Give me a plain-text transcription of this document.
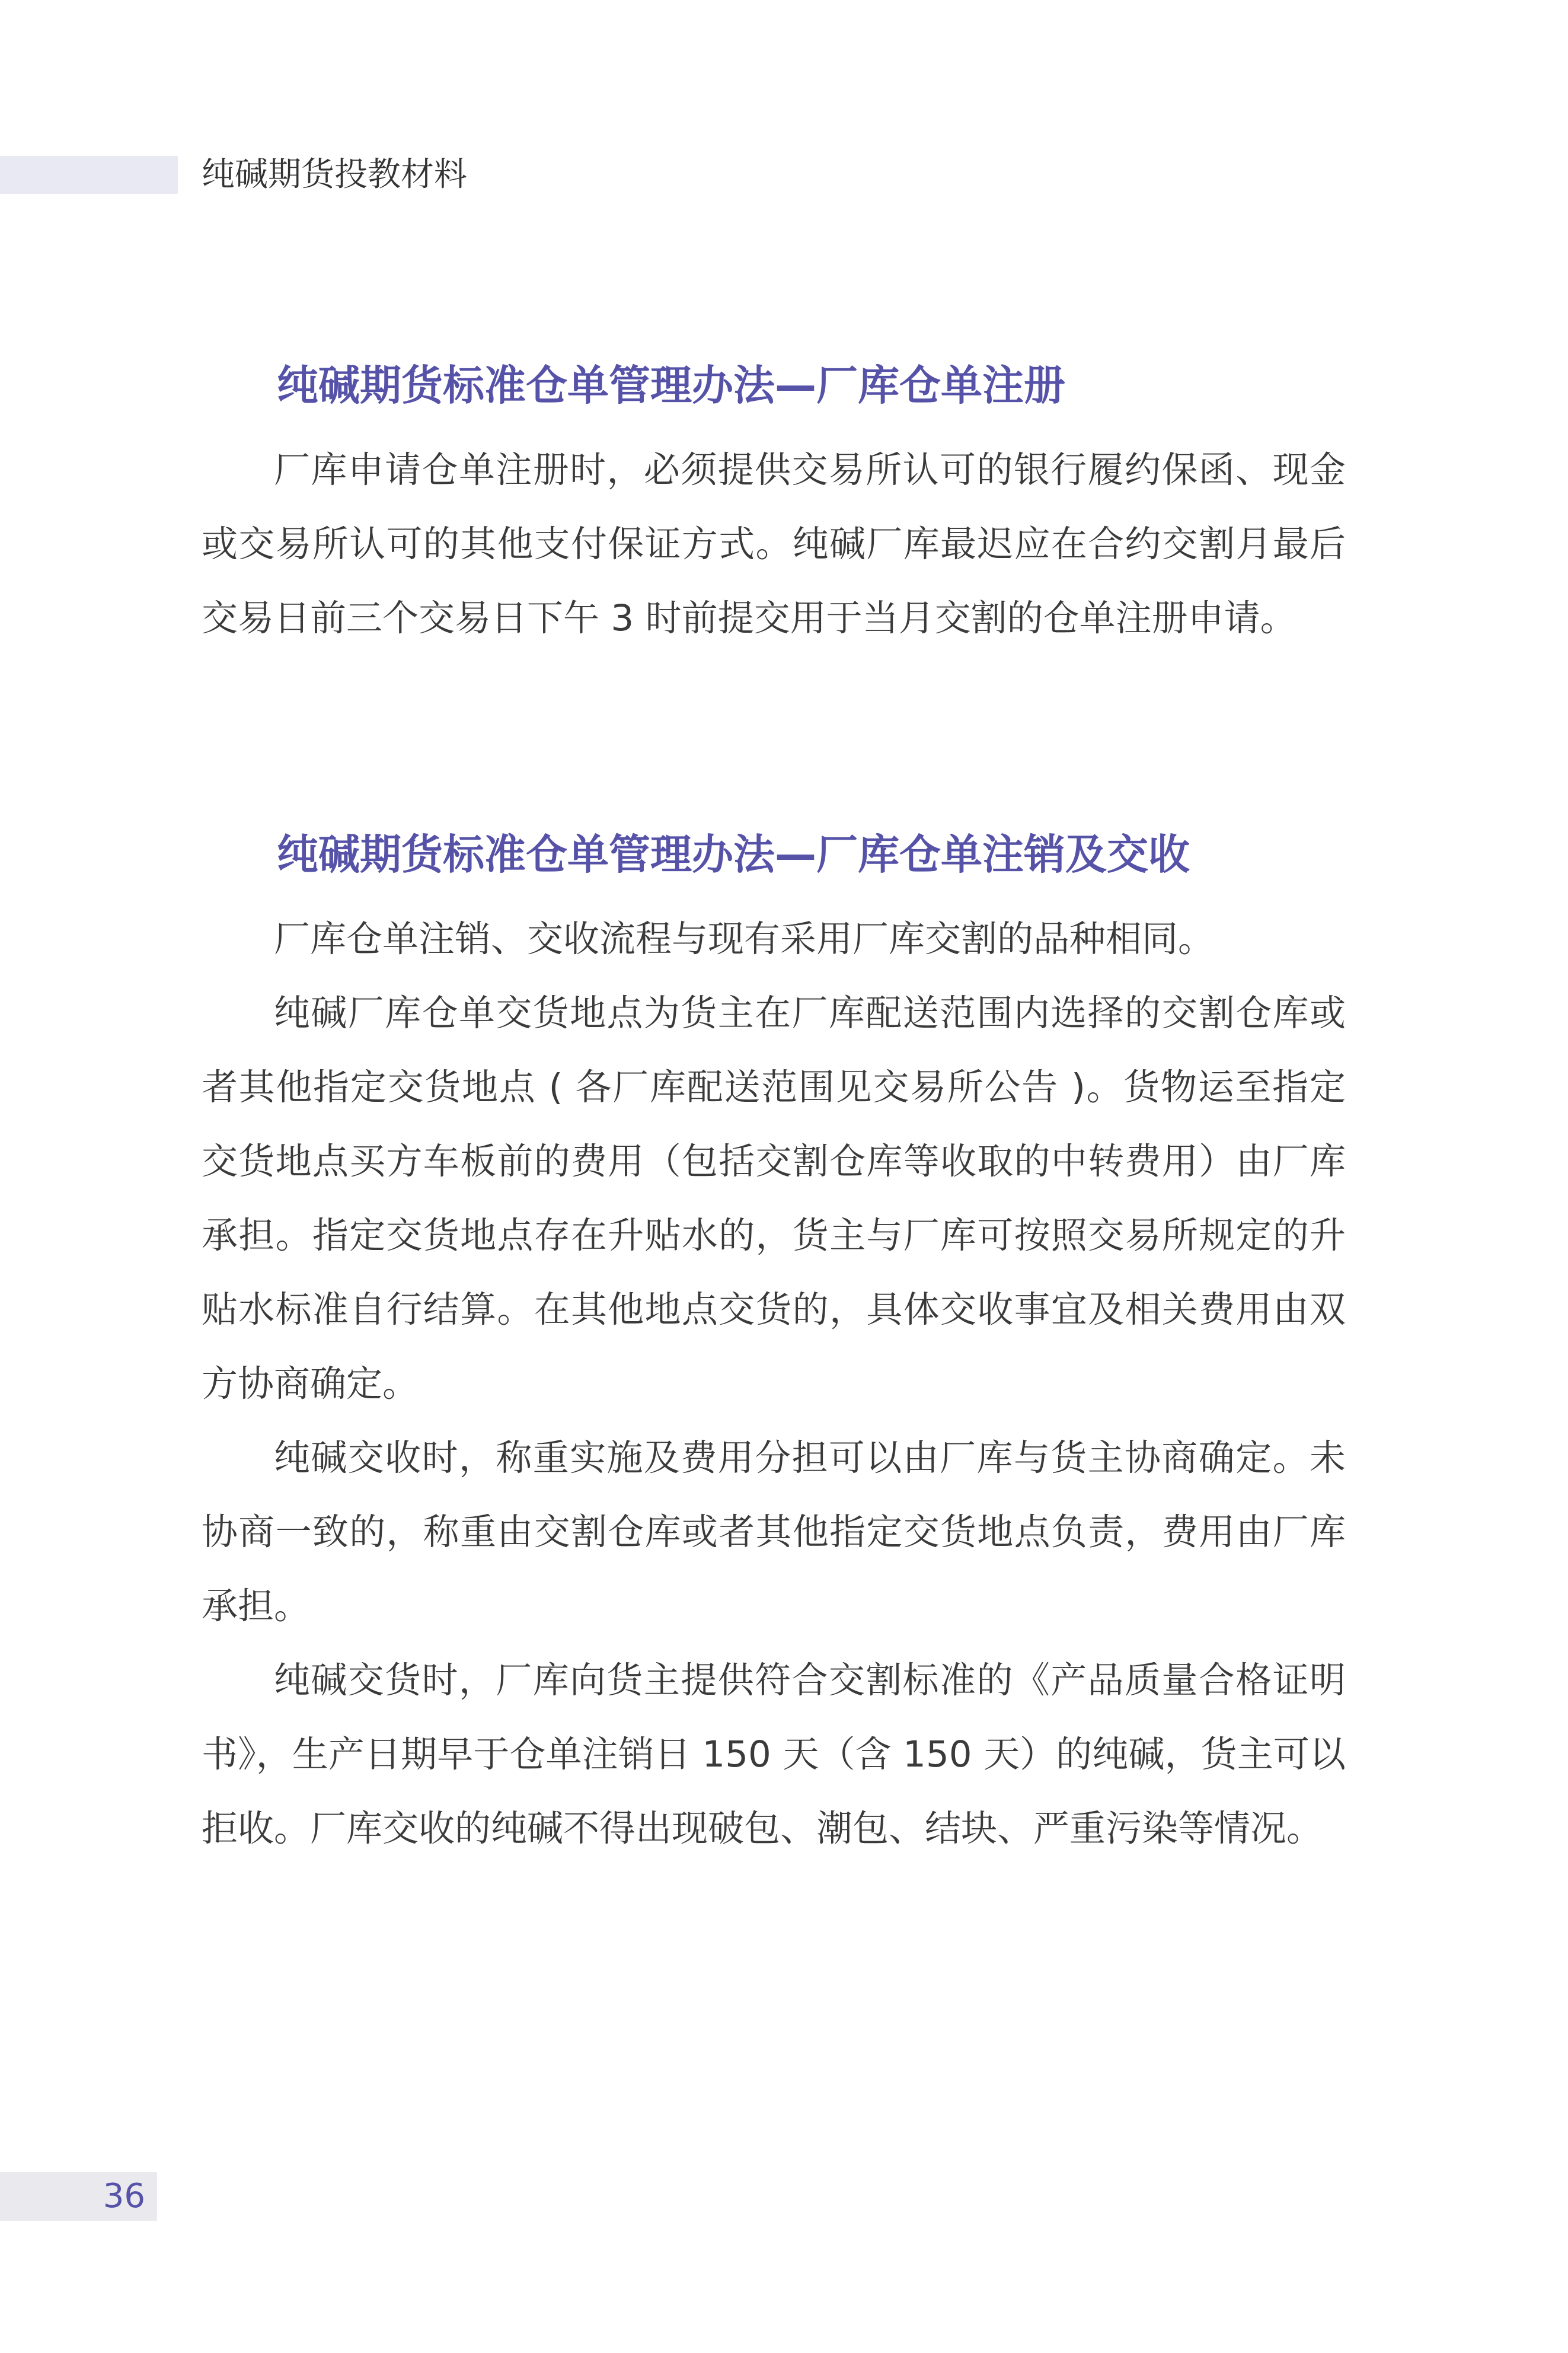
纯碱期货投教材料
纯碱期货标准仓单管理办法—厂库仓单注册

厂库申请仓单注册时，必须提供交易所认可的银行履约保函、现金或交易所认可的其他支付保证方式。纯碱厂库最迟应在合约交割月最后交易日前三个交易日下午 3 时前提交用于当月交割的仓单注册申请。

纯碱期货标准仓单管理办法—厂库仓单注销及交收

厂库仓单注销、交收流程与现有采用厂库交割的品种相同。

纯碱厂库仓单交货地点为货主在厂库配送范围内选择的交割仓库或者其他指定交货地点 ( 各厂库配送范围见交易所公告 )。货物运至指定交货地点买方车板前的费用（包括交割仓库等收取的中转费用）由厂库承担。指定交货地点存在升贴水的，货主与厂库可按照交易所规定的升贴水标准自行结算。在其他地点交货的，具体交收事宜及相关费用由双方协商确定。

纯碱交收时，称重实施及费用分担可以由厂库与货主协商确定。未协商一致的，称重由交割仓库或者其他指定交货地点负责，费用由厂库承担。

纯碱交货时，厂库向货主提供符合交割标准的《产品质量合格证明书》，生产日期早于仓单注销日 150 天（含 150 天）的纯碱，货主可以拒收。厂库交收的纯碱不得出现破包、潮包、结块、严重污染等情况。

36
